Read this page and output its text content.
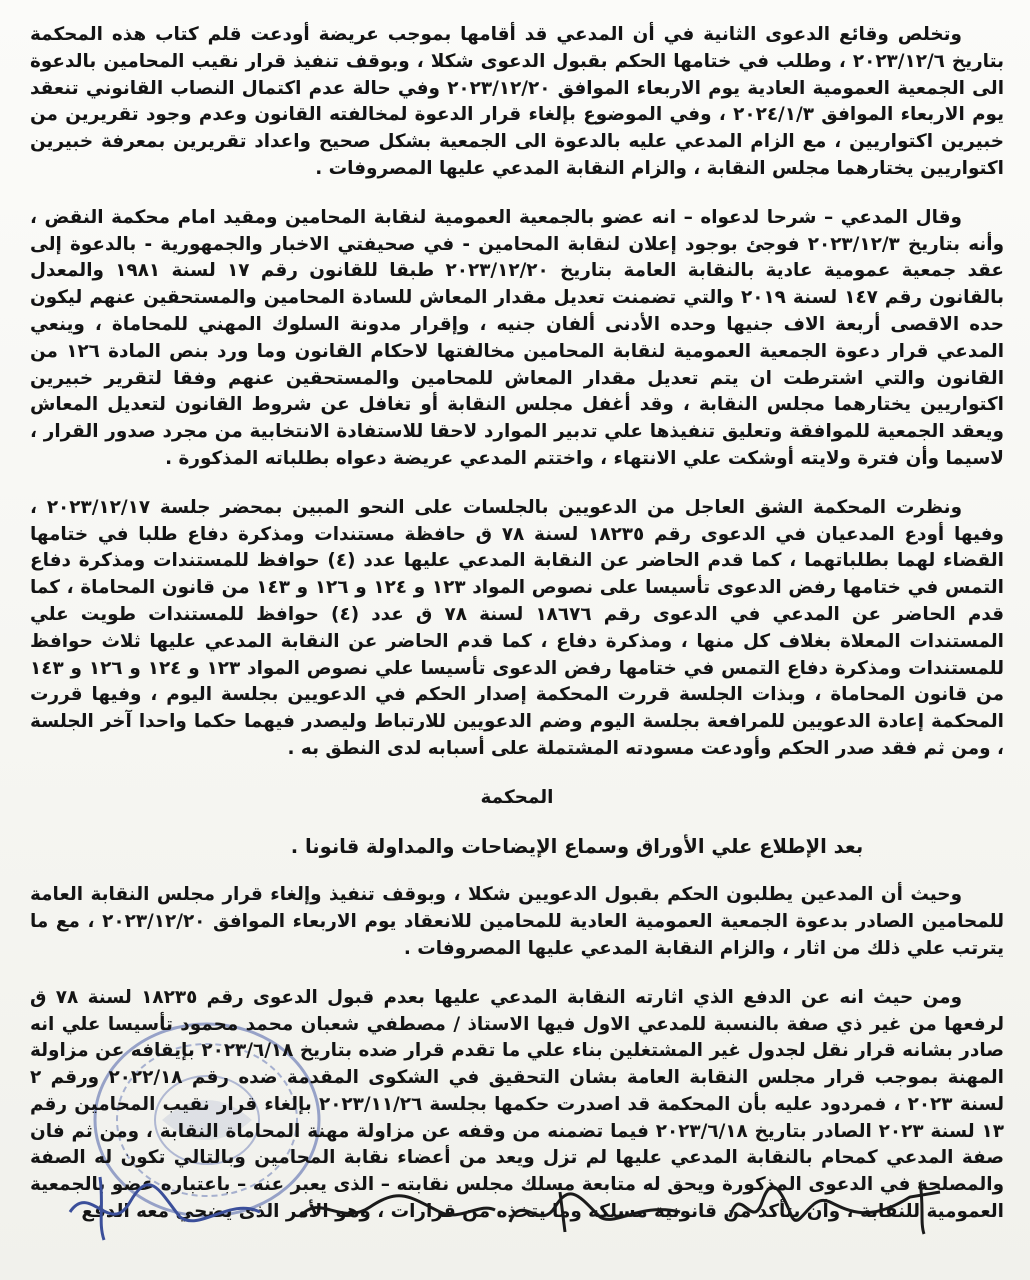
وتخلص وقائع الدعوى الثانية في أن المدعي قد أقامها بموجب عريضة أودعت قلم كتاب هذه المحكمة بتاريخ ٢٠٢٣/١٢/٦ ، وطلب في ختامها الحكم بقبول الدعوى شكلا ، وبوقف تنفيذ قرار نقيب المحامين بالدعوة الى الجمعية العمومية العادية يوم الاربعاء الموافق ٢٠٢٣/١٢/٢٠ وفي حالة عدم اكتمال النصاب القانوني تنعقد يوم الاربعاء الموافق ٢٠٢٤/١/٣ ، وفي الموضوع بإلغاء قرار الدعوة لمخالفته القانون وعدم وجود تقريرين من خبيرين اكتواريين ، مع الزام المدعي عليه بالدعوة الى الجمعية بشكل صحيح واعداد تقريرين بمعرفة خبيرين اكتواريين يختارهما مجلس النقابة ، والزام النقابة المدعي عليها المصروفات .

وقال المدعي – شرحا لدعواه – انه عضو بالجمعية العمومية لنقابة المحامين ومقيد امام محكمة النقض ، وأنه بتاريخ ٢٠٢٣/١٢/٣ فوجئ بوجود إعلان لنقابة المحامين - في صحيفتي الاخبار والجمهورية - بالدعوة إلى عقد جمعية عمومية عادية بالنقابة العامة بتاريخ ٢٠٢٣/١٢/٢٠ طبقا للقانون رقم ١٧ لسنة ١٩٨١ والمعدل بالقانون رقم ١٤٧ لسنة ٢٠١٩ والتي تضمنت تعديل مقدار المعاش للسادة المحامين والمستحقين عنهم ليكون حده الاقصى أربعة الاف جنيها وحده الأدنى ألفان جنيه ، وإقرار مدونة السلوك المهني للمحاماة ، وينعي المدعي قرار دعوة الجمعية العمومية لنقابة المحامين مخالفتها لاحكام القانون وما ورد بنص المادة ١٢٦ من القانون والتي اشترطت ان يتم تعديل مقدار المعاش للمحامين والمستحقين عنهم وفقا لتقرير خبيرين اكتواريين يختارهما مجلس النقابة ، وقد أغفل مجلس النقابة أو تغافل عن شروط القانون لتعديل المعاش ويعقد الجمعية للموافقة وتعليق تنفيذها علي تدبير الموارد لاحقا للاستفادة الانتخابية من مجرد صدور القرار ، لاسيما وأن فترة ولايته أوشكت علي الانتهاء ، واختتم المدعي عريضة دعواه بطلباته المذكورة .

ونظرت المحكمة الشق العاجل من الدعويين بالجلسات على النحو المبين بمحضر جلسة ٢٠٢٣/١٢/١٧ ، وفيها أودع المدعيان في الدعوى رقم ١٨٢٣٥ لسنة ٧٨ ق حافظة مستندات ومذكرة دفاع طلبا في ختامها القضاء لهما بطلباتهما ، كما قدم الحاضر عن النقابة المدعي عليها عدد (٤) حوافظ للمستندات ومذكرة دفاع التمس في ختامها رفض الدعوى تأسيسا على نصوص المواد ١٢٣ و ١٢٤ و ١٢٦ و ١٤٣ من قانون المحاماة ، كما قدم الحاضر عن المدعي في الدعوى رقم ١٨٦٧٦ لسنة ٧٨ ق عدد (٤) حوافظ للمستندات طويت علي المستندات المعلاة بغلاف كل منها ، ومذكرة دفاع ، كما قدم الحاضر عن النقابة المدعي عليها ثلاث حوافظ للمستندات ومذكرة دفاع التمس في ختامها رفض الدعوى تأسيسا علي نصوص المواد ١٢٣ و ١٢٤ و ١٢٦ و ١٤٣ من قانون المحاماة ، وبذات الجلسة قررت المحكمة إصدار الحكم في الدعويين بجلسة اليوم ، وفيها قررت المحكمة إعادة الدعويين للمرافعة بجلسة اليوم وضم الدعويين للارتباط وليصدر فيهما حكما واحدا آخر الجلسة ، ومن ثم فقد صدر الحكم وأودعت مسودته المشتملة على أسبابه لدى النطق به .

المحكمة
بعد الإطلاع علي الأوراق وسماع الإيضاحات والمداولة قانونا .

وحيث أن المدعين يطلبون الحكم بقبول الدعويين شكلا ، وبوقف تنفيذ وإلغاء قرار مجلس النقابة العامة للمحامين الصادر بدعوة الجمعية العمومية العادية للمحامين للانعقاد يوم الاربعاء الموافق ٢٠٢٣/١٢/٢٠ ، مع ما يترتب علي ذلك من اثار ، والزام النقابة المدعي عليها المصروفات .

ومن حيث انه عن الدفع الذي اثارته النقابة المدعي عليها بعدم قبول الدعوى رقم ١٨٢٣٥ لسنة ٧٨ ق لرفعها من غير ذي صفة بالنسبة للمدعي الاول فيها الاستاذ / مصطفي شعبان محمد محمود تأسيسا علي انه صادر بشانه قرار نقل لجدول غير المشتغلين بناء علي ما تقدم قرار ضده بتاريخ ٢٠٢٣/٦/١٨ بإيقافه عن مزاولة المهنة بموجب قرار مجلس النقابة العامة بشان التحقيق في الشكوى المقدمة ضده رقم ٢٠٢٢/١٨ ورقم ٢ لسنة ٢٠٢٣ ، فمردود عليه بأن المحكمة قد اصدرت حكمها بجلسة ٢٠٢٣/١١/٢٦ بإلغاء قرار نقيب المحامين رقم ١٣ لسنة ٢٠٢٣ الصادر بتاريخ ٢٠٢٣/٦/١٨ فيما تضمنه من وقفه عن مزاولة مهنة المحاماة النقابة ، ومن ثم فان صفة المدعي كمحام بالنقابة المدعي عليها لم تزل ويعد من أعضاء نقابة المحامين وبالتالي تكون له الصفة والمصلحة في الدعوى المذكورة ويحق له متابعة مسلك مجلس نقابته – الذى يعبر عنه – باعتباره عضو بالجمعية العمومية للنقابة ، وأن يتأكد من قانونية مسلكه وما يتخذه من قرارات ، وهو الأمر الذى يضحي معه الدفع
